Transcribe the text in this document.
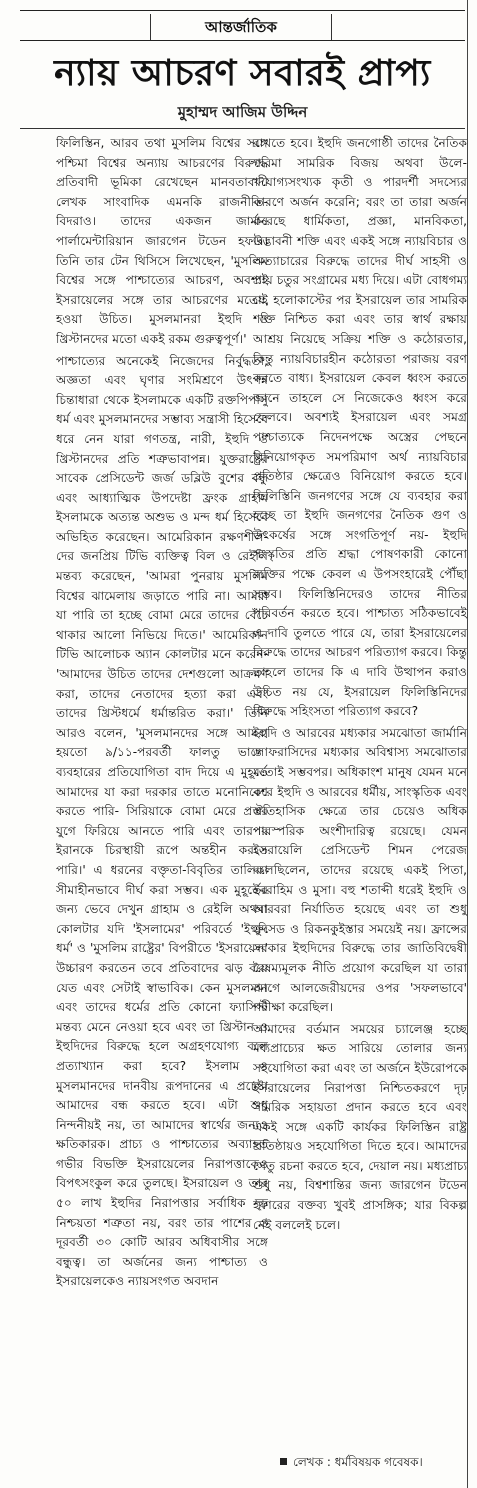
আন্তর্জাতিক
ন্যায় আচরণ সবারই প্রাপ্য
মুহাম্মদ আজিম উদ্দিন

ফিলিস্তিন, আরব তথা মুসলিম বিশ্বের সঙ্গে পশ্চিমা বিশ্বের অন্যায় আচরণের বিরুদ্ধে প্রতিবাদী ভূমিকা রেখেছেন মানবতাবাদী লেখক সাংবাদিক এমনকি রাজনীতি-বিদরাও। তাদের একজন জার্মান পার্লামেন্টারিয়ান জারগেন টডেন হফার। তিনি তার টেন থিসিসে লিখেছেন, 'মুসলিম বিশ্বের সঙ্গে পাশ্চাত্যের আচরণ, অবশ্যই ইসরায়েলের সঙ্গে তার আচরণের মতোই হওয়া উচিত। মুসলমানরা ইহুদি ও খ্রিস্টানদের মতো একই রকম গুরুত্বপূর্ণ।'

পাশ্চাত্যের অনেকেই নিজেদের নির্বুদ্ধতা, অজ্ঞতা এবং ঘৃণার সংমিশ্রণে উৎপন্ন চিন্তাধারা থেকে ইসলামকে একটি রক্তপিপাসু ধর্ম এবং মুসলমানদের সম্ভাব্য সন্ত্রাসী হিসেবে ধরে নেন যারা গণতন্ত্র, নারী, ইহুদি ও খ্রিস্টানদের প্রতি শত্রুভাবাপন্ন। যুক্তরাষ্ট্রের সাবেক প্রেসিডেন্ট জর্জ ডব্লিউ বুশের বন্ধু এবং আধ্যাত্মিক উপদেষ্টা ফ্রংক গ্রাহাম ইসলামকে অত্যন্ত অশুভ ও মন্দ ধর্ম হিসেবে অভিহিত করেছেন। আমেরিকান রক্ষণশীল-দের জনপ্রিয় টিভি ব্যক্তিত্ব বিল ও রেইলি মন্তব্য করেছেন, 'আমরা পুনরায় মুসলিম বিশ্বের ঝামেলায় জড়াতে পারি না। আমরা যা পারি তা হচ্ছে বোমা মেরে তাদের বেঁচে থাকার আলো নিভিয়ে দিতে।' আমেরিকান টিভি আলোচক অ্যান কোলটার মনে করেন- 'আমাদের উচিত তাদের দেশগুলো আক্রমণ করা, তাদের নেতাদের হত্যা করা এবং তাদের খ্রিস্টধর্মে ধর্মান্তরিত করা।' তিনি আরও বলেন, 'মুসলমানদের সঙ্গে আমরা হয়তো ৯/১১-পরবর্তী ফালতু ভালো ব্যবহারের প্রতিযোগিতা বাদ দিয়ে এ মুহূর্তে আমাদের যা করা দরকার তাতে মনোনিবেশ করতে পারি- সিরিয়াকে বোমা মেরে প্রস্তর যুগে ফিরিয়ে আনতে পারি এবং তারপর ইরানকে চিরস্থায়ী রূপে অন্তহীন করতে পারি।' এ ধরনের বক্তৃতা-বিবৃতির তালিকা সীমাহীনভাবে দীর্ঘ করা সম্ভব। এক মুহূর্তের জন্য ভেবে দেখুন গ্রাহাম ও রেইলি অথবা কোলটার যদি 'ইসলামের' পরিবর্তে 'ইহুদি ধর্ম' ও 'মুসলিম রাষ্ট্রের' বিপরীতে 'ইসরায়েল' উচ্চারণ করতেন তবে প্রতিবাদের ঝড় বয়ে যেত এবং সেটাই স্বাভাবিক। কেন মুসলমান এবং তাদের ধর্মের প্রতি কোনো ফ্যাসিস্ট মন্তব্য মেনে নেওয়া হবে এবং তা খ্রিস্টান ও ইহুদিদের বিরুদ্ধে হলে অগ্রহণযোগ্য বলে প্রত্যাখ্যান করা হবে? ইসলাম ও মুসলমানদের দানবীয় রূপদানের এ প্রচেষ্টা আমাদের বন্ধ করতে হবে। এটা শুধু নিন্দনীয়ই নয়, তা আমাদের স্বার্থের জন্যও ক্ষতিকারক। প্রাচ্য ও পাশ্চাত্যের অব্যাহত গভীর বিভক্তি ইসরায়েলের নিরাপত্তাকেও বিপৎসংকুল করে তুলছে। ইসরায়েল ও তার ৫০ লাখ ইহুদির নিরাপত্তার সর্বাধিক দৃঢ় নিশ্চয়তা শত্রুতা নয়, বরং তার পাশের ও দূরবর্তী ৩০ কোটি আরব অধিবাসীর সঙ্গে বন্ধুত্ব। তা অর্জনের জন্য পাশ্চাত্য ও ইসরায়েলকেও ন্যায়সংগত অবদান

রাখতে হবে। ইহুদি জনগোষ্ঠী তাদের নৈতিক গরিমা সামরিক বিজয় অথবা উলে-খযোগ্যসংখ্যক কৃতী ও পারদর্শী সদস্যের কারণে অর্জন করেনি; বরং তা তারা অর্জন করেছে ধার্মিকতা, প্রজ্ঞা, মানবিকতা, উদ্ভাবনী শক্তি এবং একই সঙ্গে ন্যায়বিচার ও অত্যাচারের বিরুদ্ধে তাদের দীর্ঘ সাহসী ও প্রায় চতুর সংগ্রামের মধ্য দিয়ে। এটা বোধগম্য যে, হলোকাস্টের পর ইসরায়েল তার সামরিক শক্তি নিশ্চিত করা এবং তার স্বার্থ রক্ষায় আশ্রয় নিয়েছে সক্রিয় শক্তি ও কঠোরতার, কিন্তু ন্যায়বিচারহীন কঠোরতা পরাজয় বরণ করতে বাধ্য। ইসরায়েল কেবল ধ্বংস করতে জানে তাহলে সে নিজেকেও ধ্বংস করে ফেলবে। অবশ্যই ইসরায়েল এবং সমগ্র পাশ্চাত্যকে নিদেনপক্ষে অস্ত্রের পেছনে বিনিয়োগকৃত সমপরিমাণ অর্থ ন্যায়বিচার প্রতিষ্ঠার ক্ষেত্রেও বিনিয়োগ করতে হবে। ফিলিস্তিনি জনগণের সঙ্গে যে ব্যবহার করা হচ্ছে তা ইহুদি জনগণের নৈতিক গুণ ও উৎকর্ষের সঙ্গে সংগতিপূর্ণ নয়- ইহুদি সংস্কৃতির প্রতি শ্রদ্ধা পোষণকারী কোনো ব্যক্তির পক্ষে কেবল এ উপসংহারেই পৌঁছা সম্ভব। ফিলিস্তিনিদেরও তাদের নীতির পরিবর্তন করতে হবে। পাশ্চাত্য সঠিকভাবেই এ দাবি তুলতে পারে যে, তারা ইসরায়েলের বিরুদ্ধে তাদের আচরণ পরিত্যাগ করবে। কিন্তু তাহলে তাদের কি এ দাবি উত্থাপন করাও উচিত নয় যে, ইসরায়েল ফিলিস্তিনিদের বিরুদ্ধে সহিংসতা পরিত্যাগ করবে?

ইহুদি ও আরবের মধ্যকার সমঝোতা জার্মানি ও ফরাসিদের মধ্যকার অবিশ্বাস্য সমঝোতার মতোই সম্ভবপর। অধিকাংশ মানুষ যেমন মনে করে ইহুদি ও আরবের ধর্মীয়, সাংস্কৃতিক এবং ঐতিহাসিক ক্ষেত্রে তার চেয়েও অধিক পারস্পরিক অংশীদারিত্ব রয়েছে। যেমন ইসরায়েলি প্রেসিডেন্ট শিমন পেরেজ বলেছিলেন, তাদের রয়েছে একই পিতা, ইবরাহিম ও মুসা। বহু শতাব্দী ধরেই ইহুদি ও আরবরা নির্যাতিত হয়েছে এবং তা শুধু ক্রুসেড ও রিকনকুইস্তার সময়েই নয়। ফ্রান্সের সরকার ইহুদিদের বিরুদ্ধে তার জাতিবিদ্বেষী বৈষম্যমূলক নীতি প্রয়োগ করেছিল যা তারা আগে আলজেরীয়দের ওপর 'সফলভাবে' পরীক্ষা করেছিল।

আমাদের বর্তমান সময়ের চ্যালেঞ্জ হচ্ছে মধ্যপ্রাচ্যের ক্ষত সারিয়ে তোলার জন্য সহযোগিতা করা এবং তা অর্জনে ইউরোপকে ইসরায়েলের নিরাপত্তা নিশ্চিতকরণে দৃঢ় সামরিক সহায়তা প্রদান করতে হবে এবং একই সঙ্গে একটি কার্যকর ফিলিস্তিন রাষ্ট্র প্রতিষ্ঠায়ও সহযোগিতা দিতে হবে। আমাদের সেতু রচনা করতে হবে, দেয়াল নয়। মধ্যপ্রাচ্য শুধু নয়, বিশ্বশান্তির জন্য জারগেন টডেন হফারের বক্তব্য খুবই প্রাসঙ্গিক; যার বিকল্প নেই বললেই চলে।

লেখক : ধর্মবিষয়ক গবেষক।
